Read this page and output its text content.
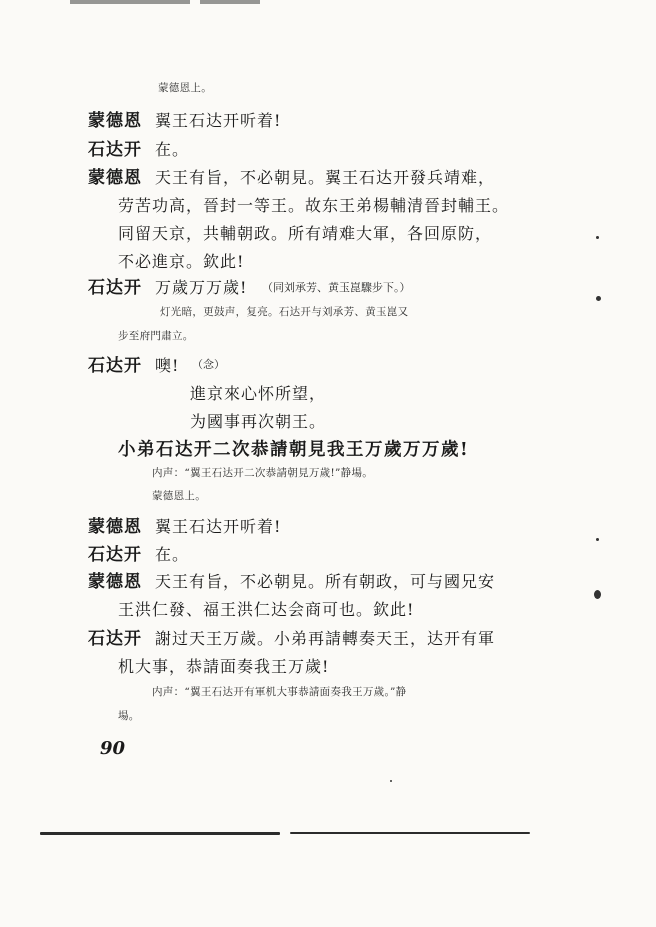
蒙德恩上。
蒙德恩 翼王石达开听着!
石达开 在。
蒙德恩 天王有旨，不必朝見。翼王石达开發兵靖难，
劳苦功高，晉封一等王。故东王弟楊輔清晉封輔王。
同留天京，共輔朝政。所有靖难大軍，各回原防，
不必進京。欽此!
石达开 万歲万万歲! （同刘承芳、黄玉崑驟步下。）
灯光暗，更鼓声，复亮。石达开与刘承芳、黄玉崑又
步至府門肅立。
石达开 噢! （念）
進京來心怀所望，
为國事再次朝王。
小弟石达开二次恭請朝見我王万歲万万歲!
内声：“翼王石达开二次恭請朝見万歲!”静場。
蒙德恩上。
蒙德恩 翼王石达开听着!
石达开 在。
蒙德恩 天王有旨，不必朝見。所有朝政，可与國兄安
王洪仁發、福王洪仁达会商可也。欽此!
石达开 謝过天王万歲。小弟再請轉奏天王，达开有軍
机大事，恭請面奏我王万歲!
内声：“翼王石达开有軍机大事恭請面奏我王万歲。”静
場。
90
